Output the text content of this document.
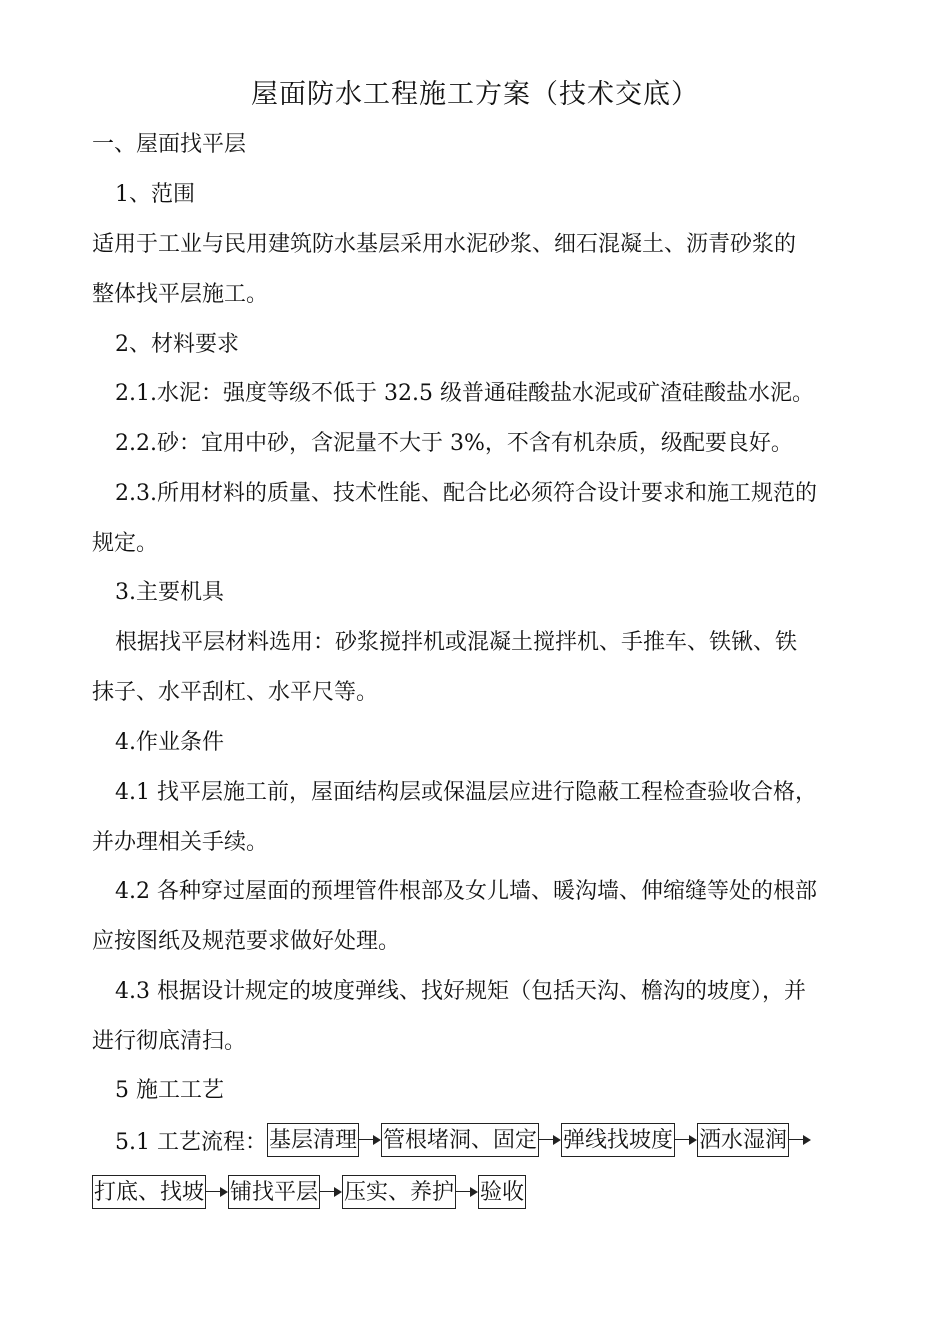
屋面防水工程施工方案（技术交底）
一、屋面找平层
1、范围
适用于工业与民用建筑防水基层采用水泥砂浆、细石混凝土、沥青砂浆的
整体找平层施工。
2、材料要求
2.1.水泥：强度等级不低于 32.5 级普通硅酸盐水泥或矿渣硅酸盐水泥。
2.2.砂：宜用中砂，含泥量不大于 3%，不含有机杂质，级配要良好。
2.3.所用材料的质量、技术性能、配合比必须符合设计要求和施工规范的
规定。
3.主要机具
根据找平层材料选用：砂浆搅拌机或混凝土搅拌机、手推车、铁锹、铁
抹子、水平刮杠、水平尺等。
4.作业条件
4.1 找平层施工前，屋面结构层或保温层应进行隐蔽工程检查验收合格，
并办理相关手续。
4.2 各种穿过屋面的预埋管件根部及女儿墙、暖沟墙、伸缩缝等处的根部
应按图纸及规范要求做好处理。
4.3 根据设计规定的坡度弹线、找好规矩（包括天沟、檐沟的坡度），并
进行彻底清扫。
5 施工工艺
5.1 工艺流程： 基层清理 管根堵洞、固定 弹线找坡度 洒水湿润
打底、找坡 铺找平层 压实、养护 验收
